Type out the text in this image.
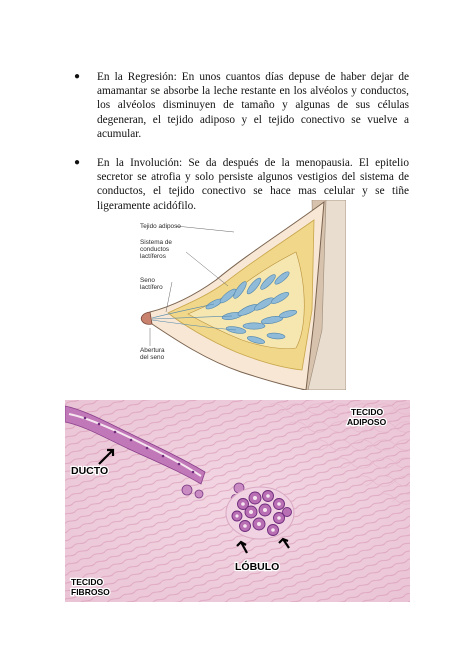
● En la Regresión: En unos cuantos días depuse de haber dejar de amamantar se absorbe la leche restante en los alvéolos y conductos, los alvéolos disminuyen de tamaño y algunas de sus células degeneran, el tejido adiposo y el tejido conectivo se vuelve a acumular.
● En la Involución: Se da después de la menopausia. El epitelio secretor se atrofia y solo persiste algunos vestigios del sistema de conductos, el tejido conectivo se hace mas celular y se tiñe ligeramente acidófilo.
Tejido adiposo
Sistema de
conductos
lactíferos
Seno
lactífero
Abertura
del seno
TECIDO
ADIPOSO
DUCTO
LÓBULO
TECIDO
FIBROSO
